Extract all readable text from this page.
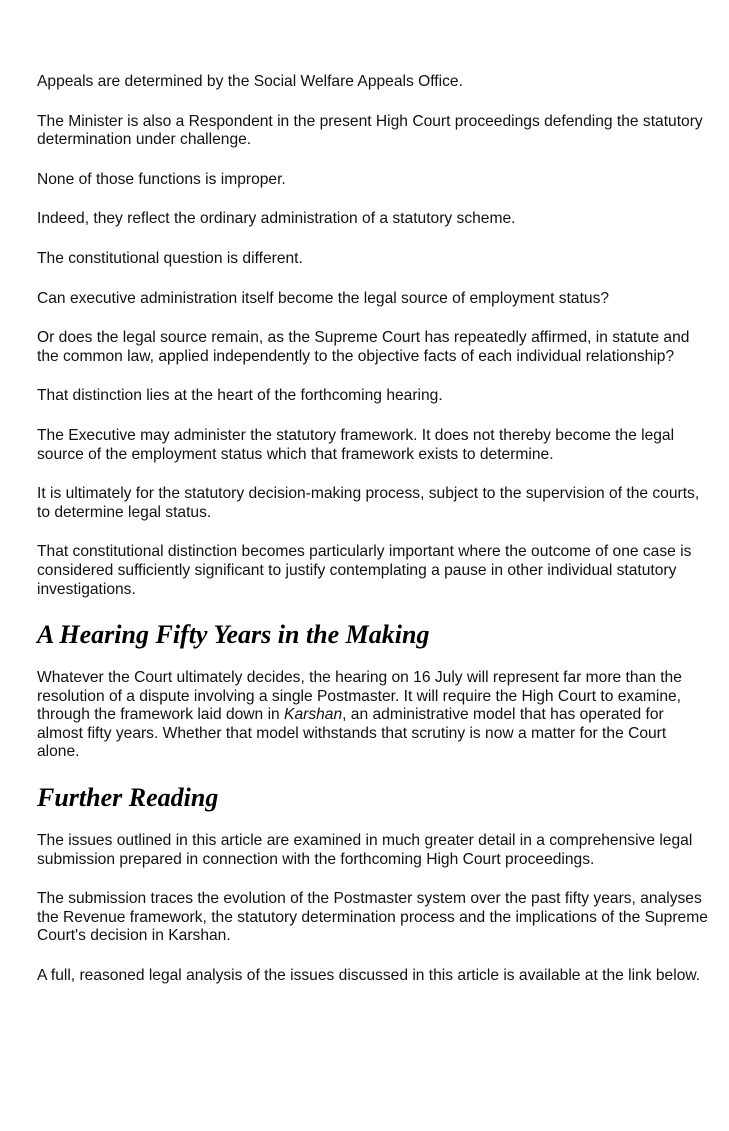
Appeals are determined by the Social Welfare Appeals Office.

The Minister is also a Respondent in the present High Court proceedings defending the statutory determination under challenge.

None of those functions is improper.

Indeed, they reflect the ordinary administration of a statutory scheme.

The constitutional question is different.

Can executive administration itself become the legal source of employment status?

Or does the legal source remain, as the Supreme Court has repeatedly affirmed, in statute and the common law, applied independently to the objective facts of each individual relationship?

That distinction lies at the heart of the forthcoming hearing.

The Executive may administer the statutory framework. It does not thereby become the legal source of the employment status which that framework exists to determine.

It is ultimately for the statutory decision-making process, subject to the supervision of the courts, to determine legal status.

That constitutional distinction becomes particularly important where the outcome of one case is considered sufficiently significant to justify contemplating a pause in other individual statutory investigations.

A Hearing Fifty Years in the Making

Whatever the Court ultimately decides, the hearing on 16 July will represent far more than the resolution of a dispute involving a single Postmaster. It will require the High Court to examine, through the framework laid down in Karshan, an administrative model that has operated for almost fifty years. Whether that model withstands that scrutiny is now a matter for the Court alone.

Further Reading

The issues outlined in this article are examined in much greater detail in a comprehensive legal submission prepared in connection with the forthcoming High Court proceedings.

The submission traces the evolution of the Postmaster system over the past fifty years, analyses the Revenue framework, the statutory determination process and the implications of the Supreme Court's decision in Karshan.

A full, reasoned legal analysis of the issues discussed in this article is available at the link below.
